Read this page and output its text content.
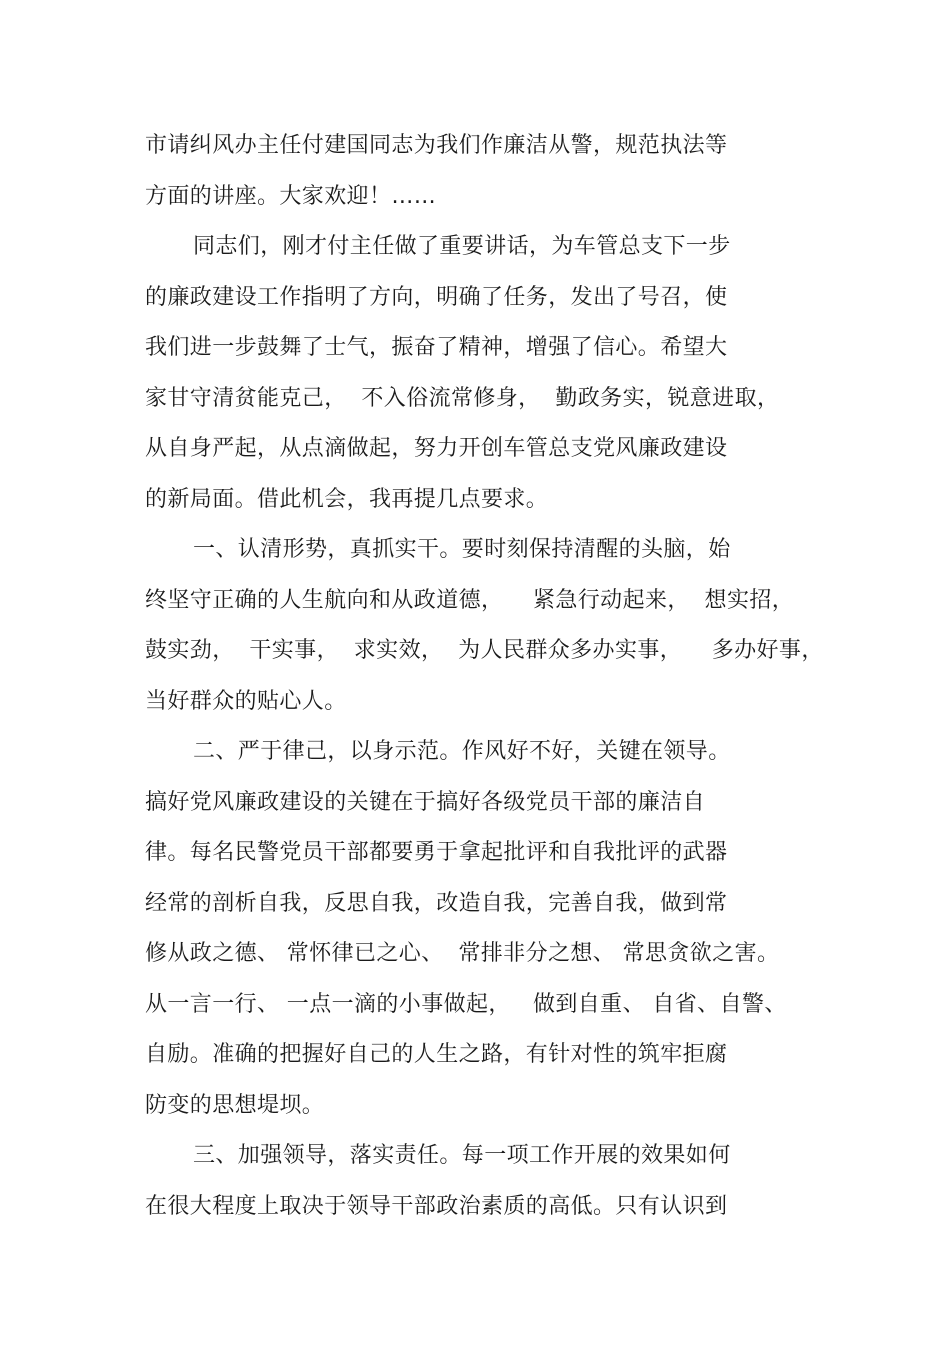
市请纠风办主任付建国同志为我们作廉洁从警，规范执法等
方面的讲座。大家欢迎！……
同志们，刚才付主任做了重要讲话，为车管总支下一步
的廉政建设工作指明了方向，明确了任务，发出了号召，使
我们进一步鼓舞了士气，振奋了精神，增强了信心。希望大
家甘守清贫能克己，  不入俗流常修身，  勤政务实，锐意进取，
从自身严起，从点滴做起，努力开创车管总支党风廉政建设
的新局面。借此机会，我再提几点要求。
一、认清形势，真抓实干。要时刻保持清醒的头脑，始
终坚守正确的人生航向和从政道德，    紧急行动起来，  想实招，
鼓实劲，  干实事，  求实效，  为人民群众多办实事，    多办好事，
当好群众的贴心人。
二、严于律己，以身示范。作风好不好，关键在领导。
搞好党风廉政建设的关键在于搞好各级党员干部的廉洁自
律。每名民警党员干部都要勇于拿起批评和自我批评的武器
经常的剖析自我，反思自我，改造自我，完善自我，做到常
修从政之德、 常怀律已之心、  常排非分之想、 常思贪欲之害。
从一言一行、 一点一滴的小事做起，   做到自重、 自省、自警、
自励。准确的把握好自己的人生之路，有针对性的筑牢拒腐
防变的思想堤坝。
三、加强领导，落实责任。每一项工作开展的效果如何
在很大程度上取决于领导干部政治素质的高低。只有认识到
